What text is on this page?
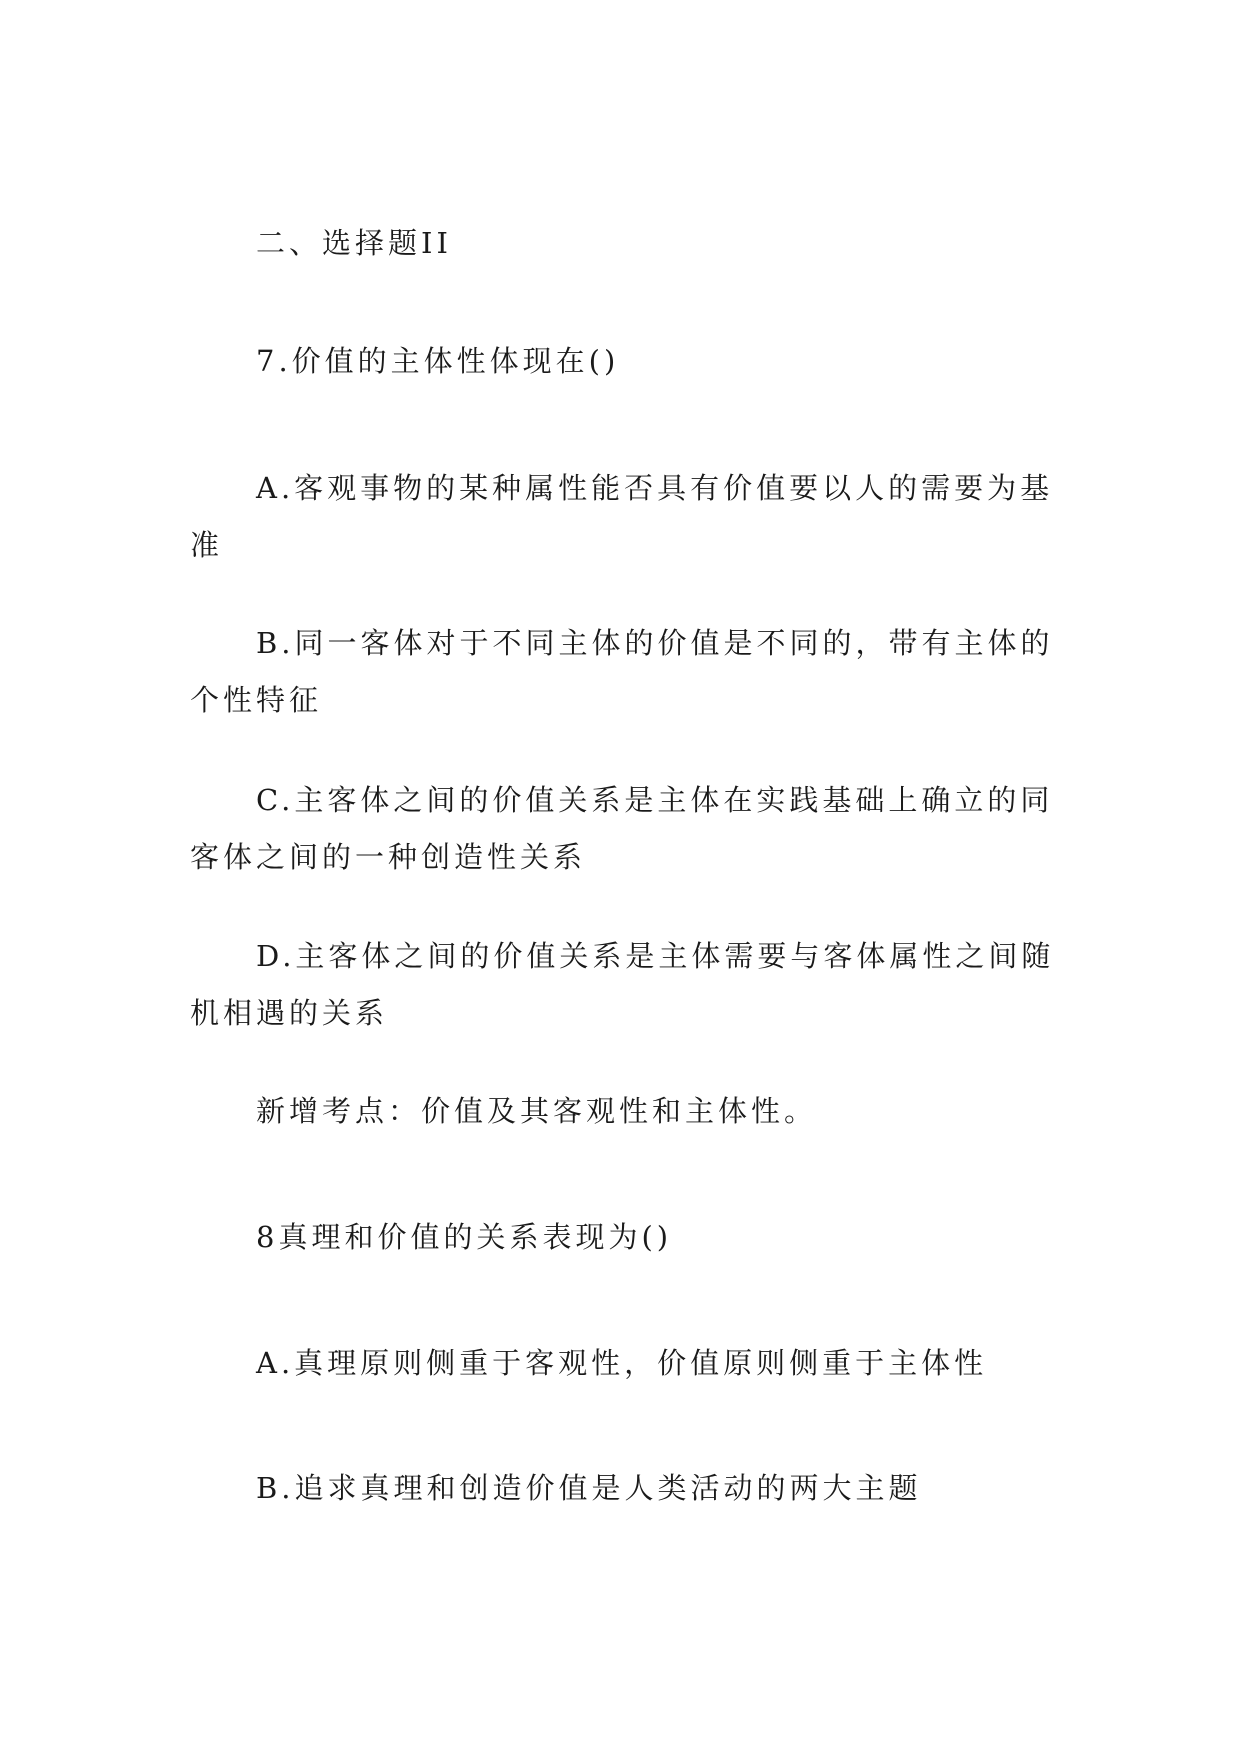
二、选择题II

7.价值的主体性体现在()

A.客观事物的某种属性能否具有价值要以人的需要为基准

B.同一客体对于不同主体的价值是不同的，带有主体的个性特征

C.主客体之间的价值关系是主体在实践基础上确立的同客体之间的一种创造性关系

D.主客体之间的价值关系是主体需要与客体属性之间随机相遇的关系

新增考点：价值及其客观性和主体性。

8真理和价值的关系表现为()

A.真理原则侧重于客观性，价值原则侧重于主体性

B.追求真理和创造价值是人类活动的两大主题
